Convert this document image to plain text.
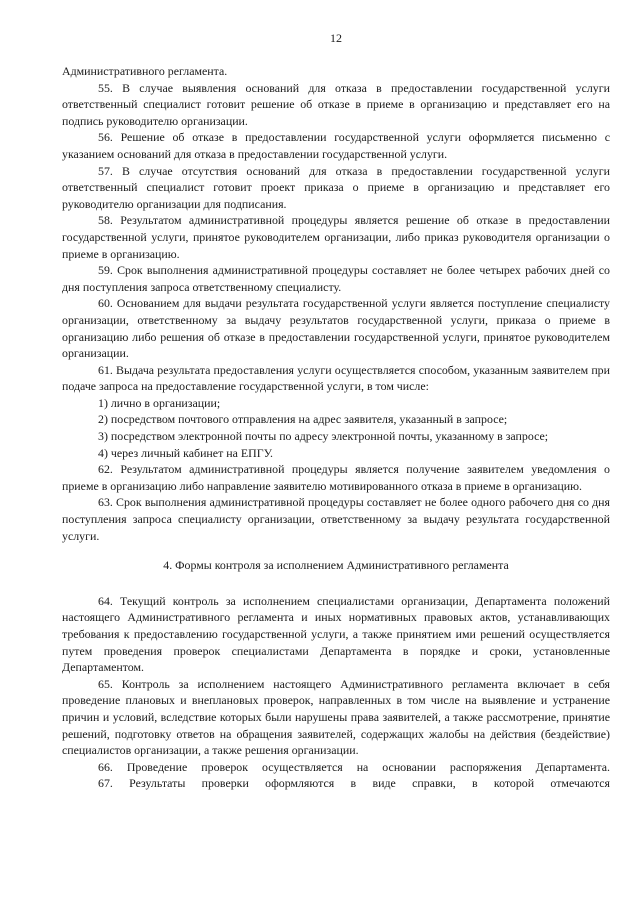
12

Административного регламента.

55. В случае выявления оснований для отказа в предоставлении государственной услуги ответственный специалист готовит решение об отказе в приеме в организацию и представляет его на подпись руководителю организации.

56. Решение об отказе в предоставлении государственной услуги оформляется письменно с указанием оснований для отказа в предоставлении государственной услуги.

57. В случае отсутствия оснований для отказа в предоставлении государственной услуги ответственный специалист готовит проект приказа о приеме в организацию и представляет его руководителю организации для подписания.

58. Результатом административной процедуры является решение об отказе в предоставлении государственной услуги, принятое руководителем организации, либо приказ руководителя организации о приеме в организацию.

59. Срок выполнения административной процедуры составляет не более четырех рабочих дней со дня поступления запроса ответственному специалисту.

60. Основанием для выдачи результата государственной услуги является поступление специалисту организации, ответственному за выдачу результатов государственной услуги, приказа о приеме в организацию либо решения об отказе в предоставлении государственной услуги, принятое руководителем организации.

61. Выдача результата предоставления услуги осуществляется способом, указанным заявителем при подаче запроса на предоставление государственной услуги, в том числе:

1) лично в организации;

2) посредством почтового отправления на адрес заявителя, указанный в запросе;

3) посредством электронной почты по адресу электронной почты, указанному в запросе;

4) через личный кабинет на ЕПГУ.

62. Результатом административной процедуры является получение заявителем уведомления о приеме в организацию либо направление заявителю мотивированного отказа в приеме в организацию.

63. Срок выполнения административной процедуры составляет не более одного рабочего дня со дня поступления запроса специалисту организации, ответственному за выдачу результата государственной услуги.

4. Формы контроля за исполнением Административного регламента

64. Текущий контроль за исполнением специалистами организации, Департамента положений настоящего Административного регламента и иных нормативных правовых актов, устанавливающих требования к предоставлению государственной услуги, а также принятием ими решений осуществляется путем проведения проверок специалистами Департамента в порядке и сроки, установленные Департаментом.

65. Контроль за исполнением настоящего Административного регламента включает в себя проведение плановых и внеплановых проверок, направленных в том числе на выявление и устранение причин и условий, вследствие которых были нарушены права заявителей, а также рассмотрение, принятие решений, подготовку ответов на обращения заявителей, содержащих жалобы на действия (бездействие) специалистов организации, а также решения организации.

66. Проведение проверок осуществляется на основании распоряжения Департамента.

67. Результаты проверки оформляются в виде справки, в которой отмечаются
